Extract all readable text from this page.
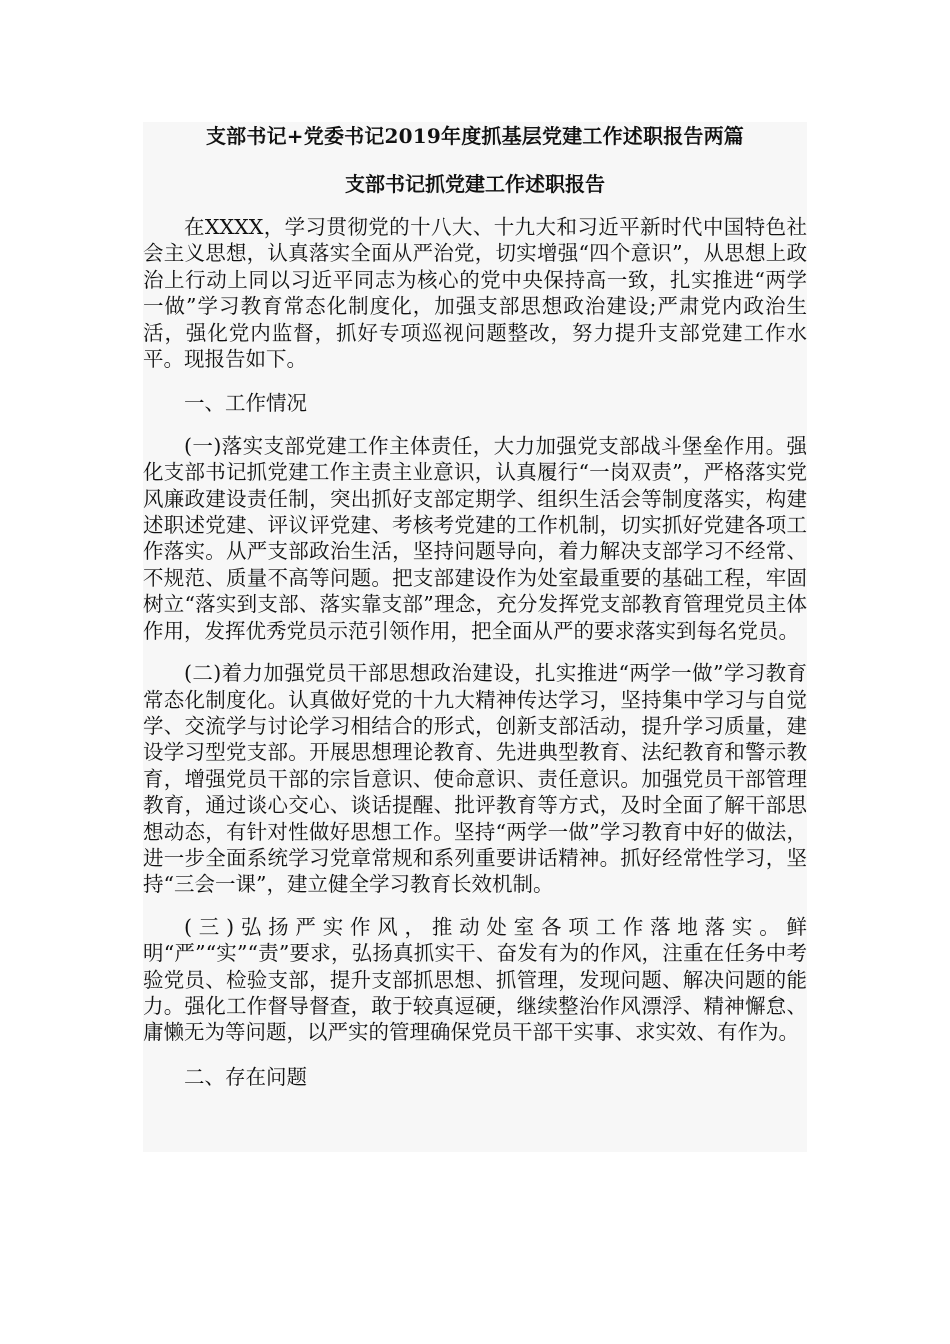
支部书记+党委书记2019年度抓基层党建工作述职报告两篇
支部书记抓党建工作述职报告

在XXXX，学习贯彻党的十八大、十九大和习近平新时代中国特色社会主义思想，认真落实全面从严治党，切实增强“四个意识”，从思想上政治上行动上同以习近平同志为核心的党中央保持高一致，扎实推进“两学一做”学习教育常态化制度化，加强支部思想政治建设;严肃党内政治生活，强化党内监督，抓好专项巡视问题整改，努力提升支部党建工作水平。现报告如下。

一、工作情况

(一)落实支部党建工作主体责任，大力加强党支部战斗堡垒作用。强化支部书记抓党建工作主责主业意识，认真履行“一岗双责”，严格落实党风廉政建设责任制，突出抓好支部定期学、组织生活会等制度落实，构建述职述党建、评议评党建、考核考党建的工作机制，切实抓好党建各项工作落实。从严支部政治生活，坚持问题导向，着力解决支部学习不经常、不规范、质量不高等问题。把支部建设作为处室最重要的基础工程，牢固树立“落实到支部、落实靠支部”理念，充分发挥党支部教育管理党员主体作用，发挥优秀党员示范引领作用，把全面从严的要求落实到每名党员。

(二)着力加强党员干部思想政治建设，扎实推进“两学一做”学习教育常态化制度化。认真做好党的十九大精神传达学习，坚持集中学习与自觉学、交流学与讨论学习相结合的形式，创新支部活动，提升学习质量，建设学习型党支部。开展思想理论教育、先进典型教育、法纪教育和警示教育，增强党员干部的宗旨意识、使命意识、责任意识。加强党员干部管理教育，通过谈心交心、谈话提醒、批评教育等方式，及时全面了解干部思想动态，有针对性做好思想工作。坚持“两学一做”学习教育中好的做法，进一步全面系统学习党章常规和系列重要讲话精神。抓好经常性学习，坚持“三会一课”，建立健全学习教育长效机制。

(三)弘扬严实作风，推动处室各项工作落地落实。鲜明“严”“实”“责”要求，弘扬真抓实干、奋发有为的作风，注重在任务中考验党员、检验支部，提升支部抓思想、抓管理，发现问题、解决问题的能力。强化工作督导督查，敢于较真逗硬，继续整治作风漂浮、精神懈怠、庸懒无为等问题，以严实的管理确保党员干部干实事、求实效、有作为。

二、存在问题
